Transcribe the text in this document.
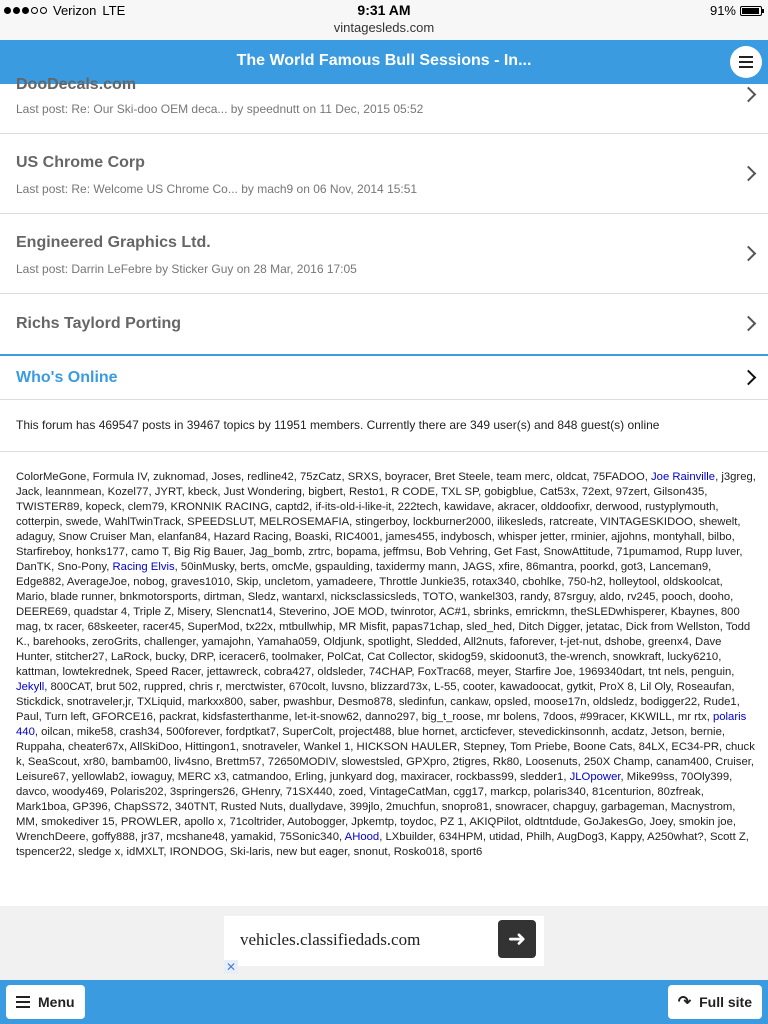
Verizon LTE	9:31 AM
vintagesleds.com
91%
The World Famous Bull Sessions - In...
DooDecals.com
Last post: Re: Our Ski-doo OEM deca... by speednutt on 11 Dec, 2015 05:52
US Chrome Corp
Last post: Re: Welcome US Chrome Co... by mach9 on 06 Nov, 2014 15:51
Engineered Graphics Ltd.
Last post: Darrin LeFebre by Sticker Guy on 28 Mar, 2016 17:05
Richs Taylord Porting
Who's Online
This forum has 469547 posts in 39467 topics by 11951 members. Currently there are 349 user(s) and 848 guest(s) online
ColorMeGone, Formula IV, zuknomad, Joses, redline42, 75zCatz, SRXS, boyracer, Bret Steele, team merc, oldcat, 75FADOO, Joe Rainville, j3greg, Jack, leannmean, Kozel77, JYRT, kbeck, Just Wondering, bigbert, Resto1, R CODE, TXL SP, gobigblue, Cat53x, 72ext, 97zert, Gilson435, TWISTER89, kopeck, clem79, KRONNIK RACING, captd2, if-its-old-i-like-it, 222tech, kawidave, akracer, olddoofixr, derwood, rustyplymouth, cotterpin, swede, WahlTwinTrack, SPEEDSLUT, MELROSEMAFIA, stingerboy, lockburner2000, ilikesleds, ratcreate, VINTAGESKIDOO, shewelt, adaguy, Snow Cruiser Man, elanfan84, Hazard Racing, Boaski, RIC4001, james455, indybosch, whisper jetter, rminier, ajjohns, montyhall, bilbo, Starfireboy, honks177, camo T, Big Rig Bauer, Jag_bomb, zrtrc, bopama, jeffmsu, Bob Vehring, Get Fast, SnowAttitude, 71pumamod, Rupp luver, DanTK, Sno-Pony, Racing Elvis, 50inMusky, berts, omcMe, gspaulding, taxidermy mann, JAGS, xfire, 86mantra, poorkd, got3, Lanceman9, Edge882, AverageJoe, nobog, graves1010, Skip, uncletom, yamadeere, Throttle Junkie35, rotax340, cbohlke, 750-h2, holleytool, oldskoolcat, Mario, blade runner, bnkmotorsports, dirtman, Sledz, wantarxl, nicksclassicsleds, TOTO, wankel303, randy, 87srguy, aldo, rv245, pooch, dooho, DEERE69, quadstar 4, Triple Z, Misery, Slencnat14, Steverino, JOE MOD, twinrotor, AC#1, sbrinks, emrickmn, theSLEDwhisperer, Kbaynes, 800 mag, tx racer, 68skeeter, racer45, SuperMod, tx22x, mtbullwhip, MR Misfit, papas71chap, sled_hed, Ditch Digger, jetatac, Dick from Wellston, Todd K., barehooks, zeroGrits, challenger, yamajohn, Yamaha059, Oldjunk, spotlight, Sledded, All2nuts, faforever, t-jet-nut, dshobe, greenx4, Dave Hunter, stitcher27, LaRock, bucky, DRP, iceracer6, toolmaker, PolCat, Cat Collector, skidog59, skidoonut3, the-wrench, snowkraft, lucky6210, kattman, lowtekrednek, Speed Racer, jettawreck, cobra427, oldsleder, 74CHAP, FoxTrac68, meyer, Starfire Joe, 1969340dart, tnt nels, penguin, Jekyll, 800CAT, brut 502, ruppred, chris r, merctwister, 670colt, luvsno, blizzard73x, L-55, cooter, kawadoocat, gytkit, ProX 8, Lil Oly, Roseaufan, Stickdick, snotraveler,jr, TXLiquid, markxx800, saber, pwashbur, Desmo878, sledinfun, cankaw, opsled, moose17n, oldsledz, bodigger22, Rude1, Paul, Turn left, GFORCE16, packrat, kidsfasterthanme, let-it-snow62, danno297, big_t_roose, mr bolens, 7doos, #99racer, KKWILL, mr rtx, polaris 440, oilcan, mike58, crash34, 500forever, fordptkat7, SuperColt, project488, blue hornet, arcticfever, stevedickinsonnh, acdatz, Jetson, bernie, Ruppaha, cheater67x, AllSkiDoo, Hittingon1, snotraveler, Wankel 1, HICKSON HAULER, Stepney, Tom Priebe, Boone Cats, 84LX, EC34-PR, chuck k, SeaScout, xr80, bambam00, liv4sno, Brettm57, 72650MODIV, slowestsled, GPXpro, 2tigres, Rk80, Loosenuts, 250X Champ, canam400, Cruiser, Leisure67, yellowlab2, iowaguy, MERC x3, catmandoo, Erling, junkyard dog, maxiracer, rockbass99, sledder1, JLOpower, Mike99ss, 70Oly399, davco, woody469, Polaris202, 3springers26, GHenry, 71SX440, zoed, VintageCatMan, cgg17, markcp, polaris340, 81centurion, 80zfreak, Mark1boa, GP396, ChapSS72, 340TNT, Rusted Nuts, duallydave, 399jlo, 2muchfun, snopro81, snowracer, chapguy, garbageman, Macnystrom, MM, smokediver 15, PROWLER, apollo x, 71coltrider, Autobogger, Jpkemtp, toydoc, PZ 1, AKIQPilot, oldtntdude, GoJakesGo, Joey, smokin joe, WrenchDeere, goffy888, jr37, mcshane48, yamakid, 75Sonic340, AHood, LXbuilder, 634HPM, utidad, Philh, AugDog3, Kappy, A250what?, Scott Z, tspencer22, sledge x, idMXLT, IRONDOG, Ski-laris, new but eager, snonut, Rosko018, sport6
vehicles.classifiedads.com	➜
✕
Menu	↷ Full site
